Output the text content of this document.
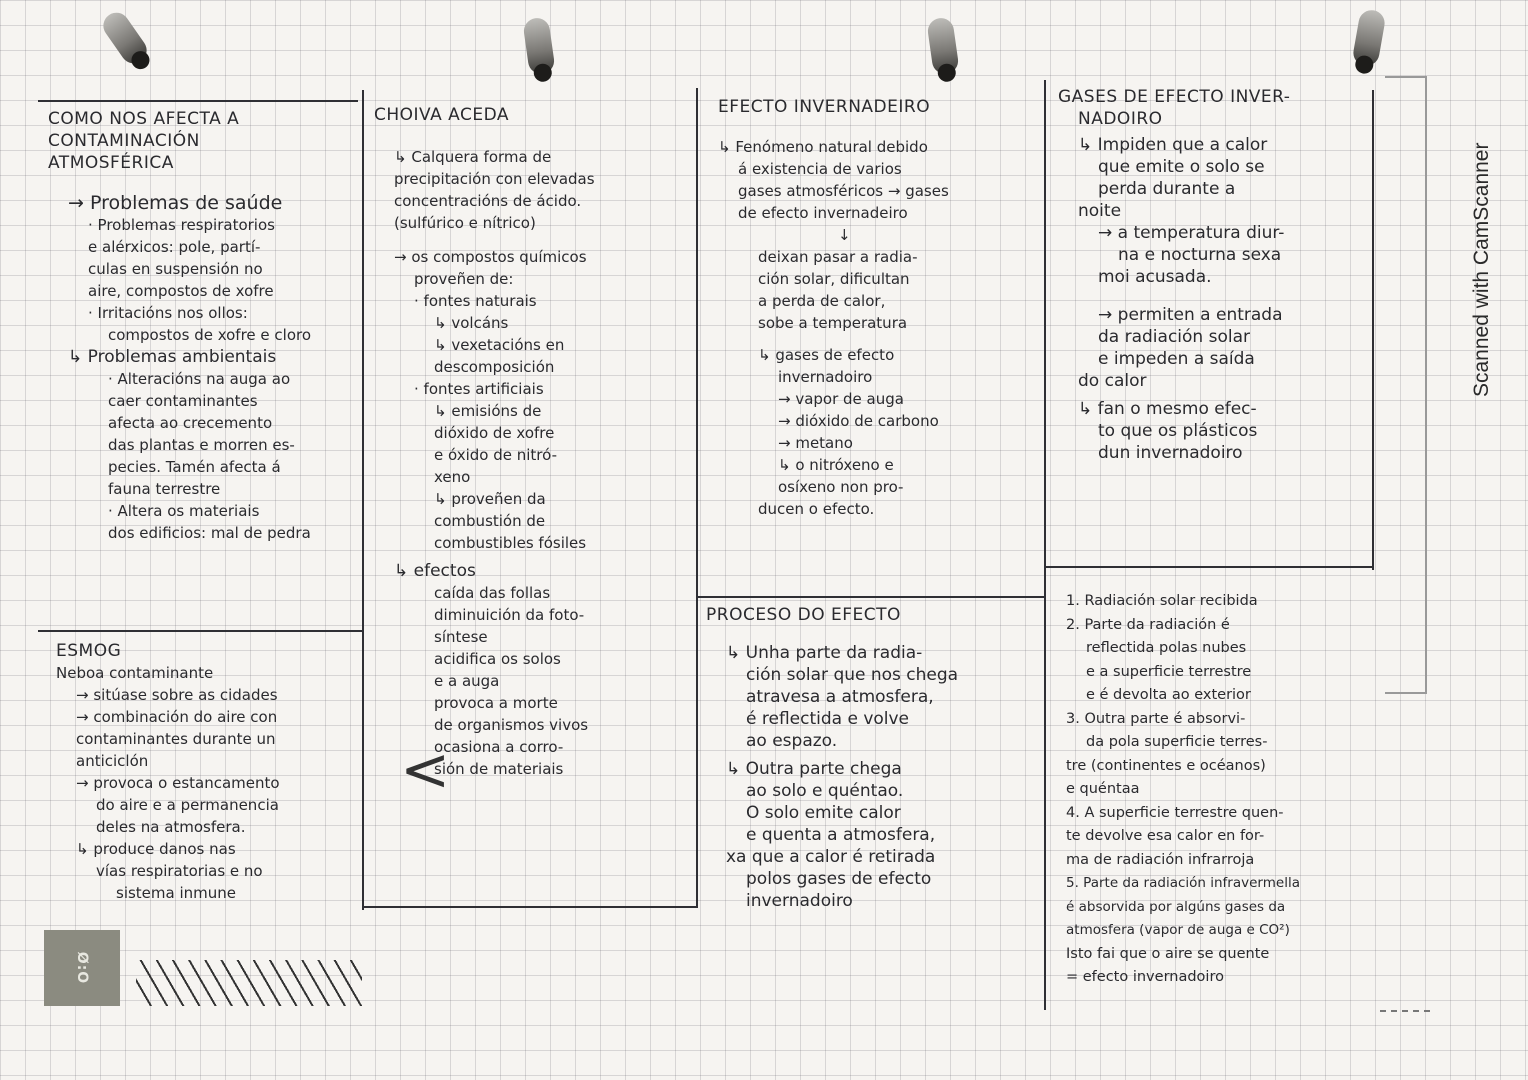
COMO NOS AFECTA A

CONTAMINACIÓN

ATMOSFÉRICA

→ Problemas de saúde

· Problemas respiratorios

e alérxicos: pole, partí-

culas en suspensión no

aire, compostos de xofre

· Irritacións nos ollos:

compostos de xofre e cloro

↳ Problemas ambientais

· Alteracións na auga ao

caer contaminantes

afecta ao crecemento

das plantas e morren es-

pecies. Tamén afecta á

fauna terrestre

· Altera os materiais

dos edificios: mal de pedra

ESMOG

Neboa contaminante

→ sitúase sobre as cidades

→ combinación do aire con

contaminantes durante un

anticiclón

→ provoca o estancamento

do aire e a permanencia

deles na atmosfera.

↳ produce danos nas

vías respiratorias e no

sistema inmune

Ø:O

CHOIVA ACEDA

↳ Calquera forma de

precipitación con elevadas

concentracións de ácido.

(sulfúrico e nítrico)

→ os compostos químicos

proveñen de:

· fontes naturais

↳ volcáns

↳ vexetacións en

descomposición

· fontes artificiais

↳ emisións de

dióxido de xofre

e óxido de nitró-

xeno

↳ proveñen da

combustión de

combustibles fósiles

↳ efectos

caída das follas

diminuición da foto-

síntese

acidifica os solos

e a auga

provoca a morte

de organismos vivos

ocasiona a corro-

sión de materiais

<

EFECTO INVERNADEIRO

↳ Fenómeno natural debido

á existencia de varios

gases atmosféricos → gases

de efecto invernadeiro

↓

deixan pasar a radia-

ción solar, dificultan

a perda de calor,

sobe a temperatura

↳ gases de efecto

invernadoiro

→ vapor de auga

→ dióxido de carbono

→ metano

↳ o nitróxeno e

osíxeno non pro-

ducen o efecto.

PROCESO DO EFECTO

↳ Unha parte da radia-

ción solar que nos chega

atravesa a atmosfera,

é reflectida e volve

ao espazo.

↳ Outra parte chega

ao solo e quéntao.

O solo emite calor

e quenta a atmosfera,

xa que a calor é retirada

polos gases de efecto

invernadoiro

GASES DE EFECTO INVER-

NADOIRO

↳ Impiden que a calor

que emite o solo se

perda durante a

noite

→ a temperatura diur-

na e nocturna sexa

moi acusada.

→ permiten a entrada

da radiación solar

e impeden a saída

do calor

↳ fan o mesmo efec-

to que os plásticos

dun invernadoiro

1. Radiación solar recibida

2. Parte da radiación é

reflectida polas nubes

e a superficie terrestre

e é devolta ao exterior

3. Outra parte é absorvi-

da pola superficie terres-

tre (continentes e océanos)

e quéntaa

4. A superficie terrestre quen-

te devolve esa calor en for-

ma de radiación infrarroja

5. Parte da radiación infravermella

é absorvida por algúns gases da

atmosfera (vapor de auga e CO²)

Isto fai que o aire se quente

= efecto invernadoiro

Scanned with CamScanner
